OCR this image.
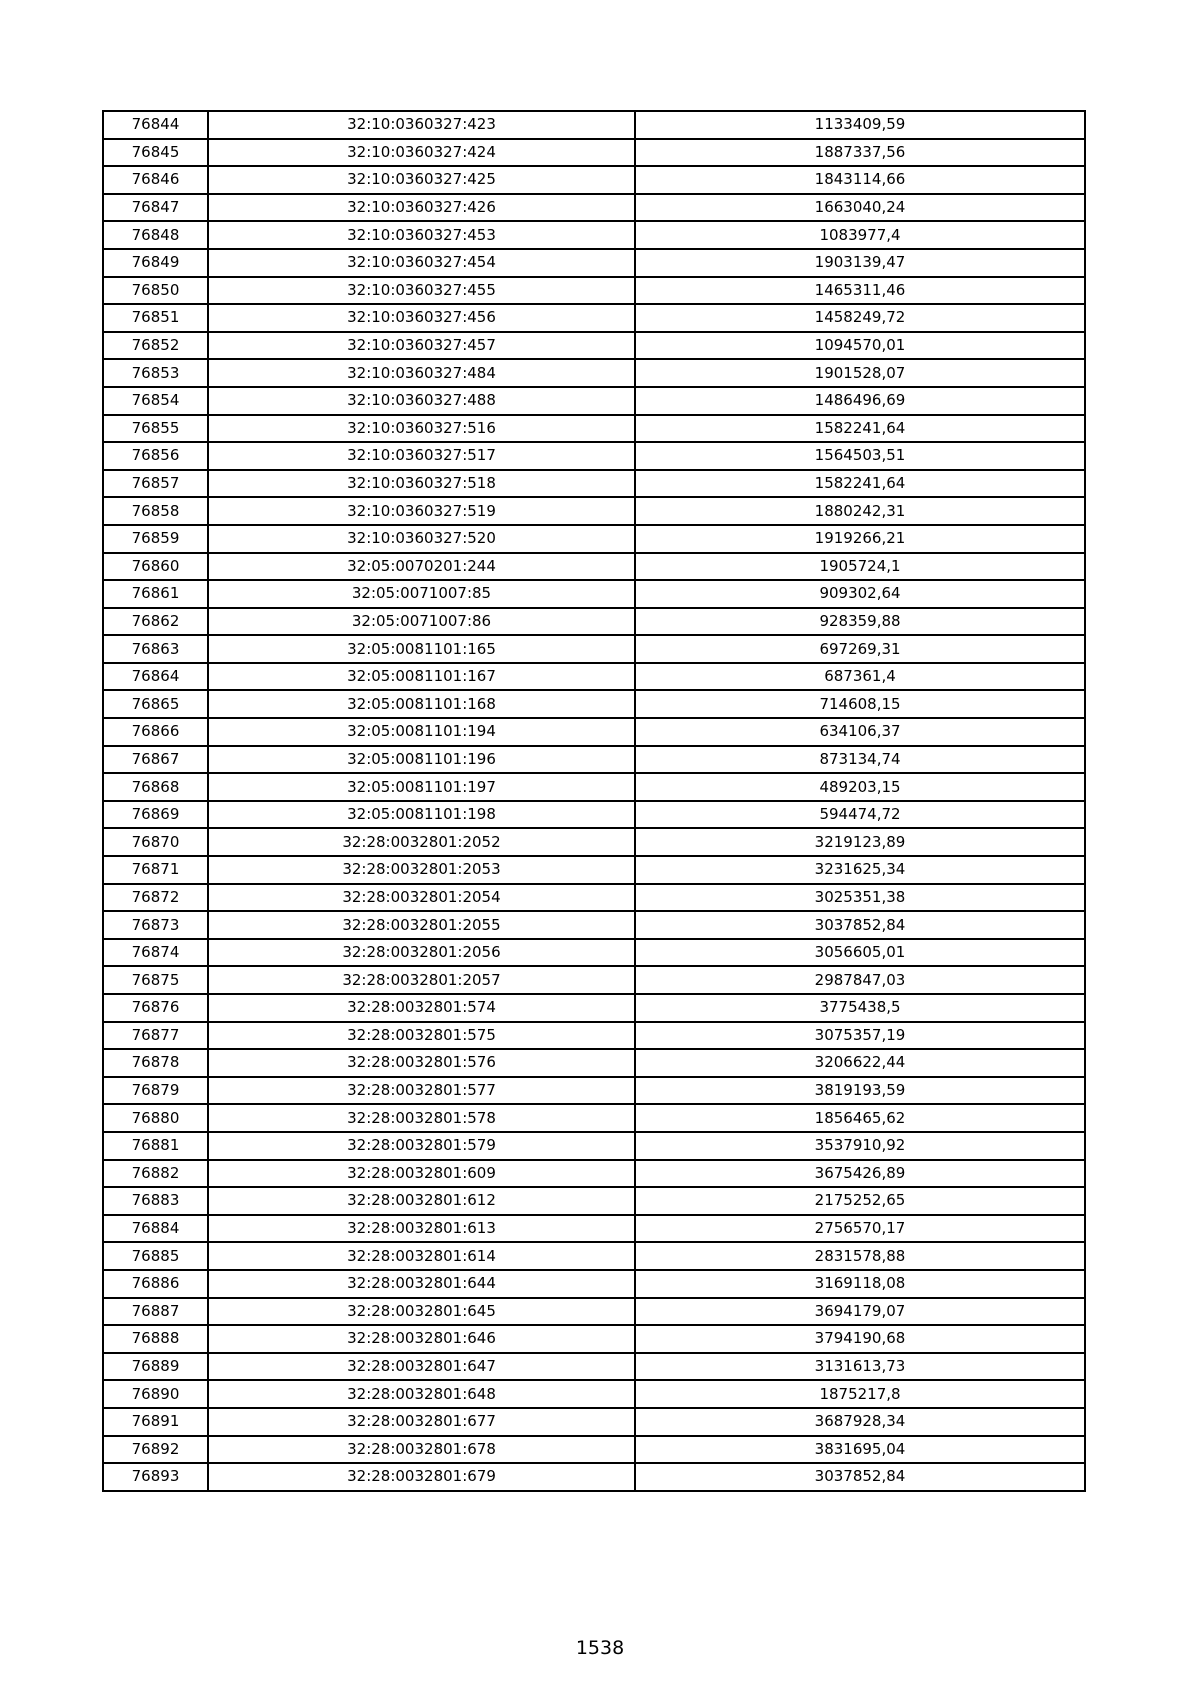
76844	32:10:0360327:423	1133409,59
76845	32:10:0360327:424	1887337,56
76846	32:10:0360327:425	1843114,66
76847	32:10:0360327:426	1663040,24
76848	32:10:0360327:453	1083977,4
76849	32:10:0360327:454	1903139,47
76850	32:10:0360327:455	1465311,46
76851	32:10:0360327:456	1458249,72
76852	32:10:0360327:457	1094570,01
76853	32:10:0360327:484	1901528,07
76854	32:10:0360327:488	1486496,69
76855	32:10:0360327:516	1582241,64
76856	32:10:0360327:517	1564503,51
76857	32:10:0360327:518	1582241,64
76858	32:10:0360327:519	1880242,31
76859	32:10:0360327:520	1919266,21
76860	32:05:0070201:244	1905724,1
76861	32:05:0071007:85	909302,64
76862	32:05:0071007:86	928359,88
76863	32:05:0081101:165	697269,31
76864	32:05:0081101:167	687361,4
76865	32:05:0081101:168	714608,15
76866	32:05:0081101:194	634106,37
76867	32:05:0081101:196	873134,74
76868	32:05:0081101:197	489203,15
76869	32:05:0081101:198	594474,72
76870	32:28:0032801:2052	3219123,89
76871	32:28:0032801:2053	3231625,34
76872	32:28:0032801:2054	3025351,38
76873	32:28:0032801:2055	3037852,84
76874	32:28:0032801:2056	3056605,01
76875	32:28:0032801:2057	2987847,03
76876	32:28:0032801:574	3775438,5
76877	32:28:0032801:575	3075357,19
76878	32:28:0032801:576	3206622,44
76879	32:28:0032801:577	3819193,59
76880	32:28:0032801:578	1856465,62
76881	32:28:0032801:579	3537910,92
76882	32:28:0032801:609	3675426,89
76883	32:28:0032801:612	2175252,65
76884	32:28:0032801:613	2756570,17
76885	32:28:0032801:614	2831578,88
76886	32:28:0032801:644	3169118,08
76887	32:28:0032801:645	3694179,07
76888	32:28:0032801:646	3794190,68
76889	32:28:0032801:647	3131613,73
76890	32:28:0032801:648	1875217,8
76891	32:28:0032801:677	3687928,34
76892	32:28:0032801:678	3831695,04
76893	32:28:0032801:679	3037852,84
1538
